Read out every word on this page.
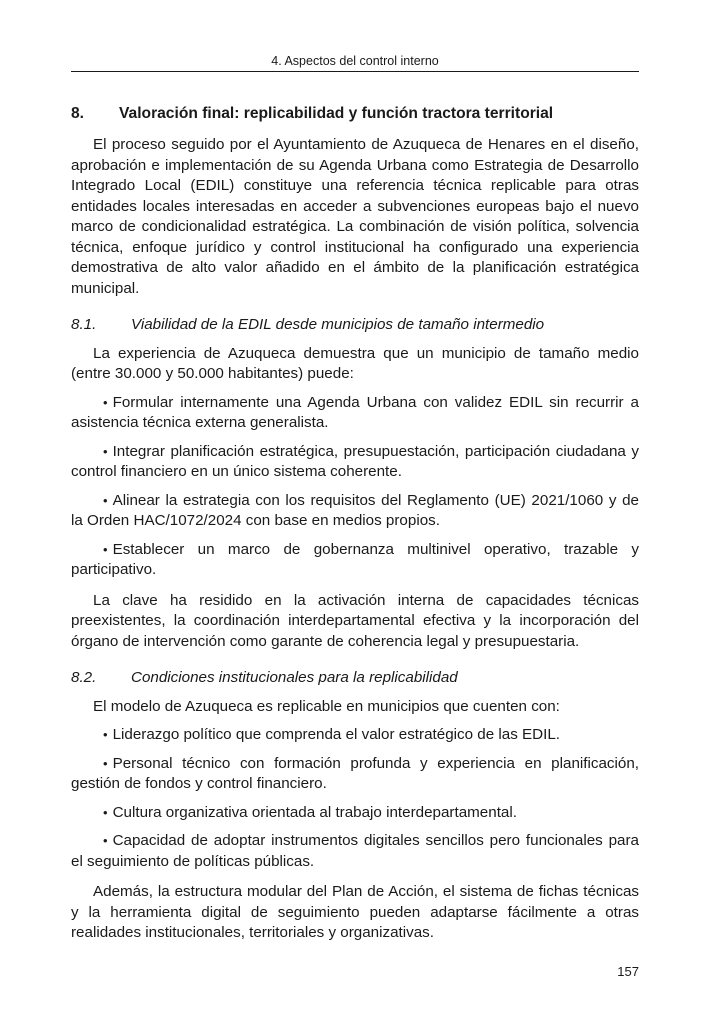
4. Aspectos del control interno
8. Valoración final: replicabilidad y función tractora territorial

El proceso seguido por el Ayuntamiento de Azuqueca de Henares en el diseño, aprobación e implementación de su Agenda Urbana como Estrategia de Desarrollo Integrado Local (EDIL) constituye una referencia técnica replicable para otras entidades locales interesadas en acceder a subvenciones europeas bajo el nuevo marco de condicionalidad estratégica. La combinación de visión política, solvencia técnica, enfoque jurídico y control institucional ha configurado una experiencia demostrativa de alto valor añadido en el ámbito de la planificación estratégica municipal.

8.1. Viabilidad de la EDIL desde municipios de tamaño intermedio

La experiencia de Azuqueca demuestra que un municipio de tamaño medio (entre 30.000 y 50.000 habitantes) puede:

• Formular internamente una Agenda Urbana con validez EDIL sin recurrir a asistencia técnica externa generalista.

• Integrar planificación estratégica, presupuestación, participación ciudadana y control financiero en un único sistema coherente.

• Alinear la estrategia con los requisitos del Reglamento (UE) 2021/1060 y de la Orden HAC/1072/2024 con base en medios propios.

• Establecer un marco de gobernanza multinivel operativo, trazable y participativo.

La clave ha residido en la activación interna de capacidades técnicas preexistentes, la coordinación interdepartamental efectiva y la incorporación del órgano de intervención como garante de coherencia legal y presupuestaria.

8.2. Condiciones institucionales para la replicabilidad

El modelo de Azuqueca es replicable en municipios que cuenten con:

• Liderazgo político que comprenda el valor estratégico de las EDIL.

• Personal técnico con formación profunda y experiencia en planificación, gestión de fondos y control financiero.

• Cultura organizativa orientada al trabajo interdepartamental.

• Capacidad de adoptar instrumentos digitales sencillos pero funcionales para el seguimiento de políticas públicas.

Además, la estructura modular del Plan de Acción, el sistema de fichas técnicas y la herramienta digital de seguimiento pueden adaptarse fácilmente a otras realidades institucionales, territoriales y organizativas.

157
